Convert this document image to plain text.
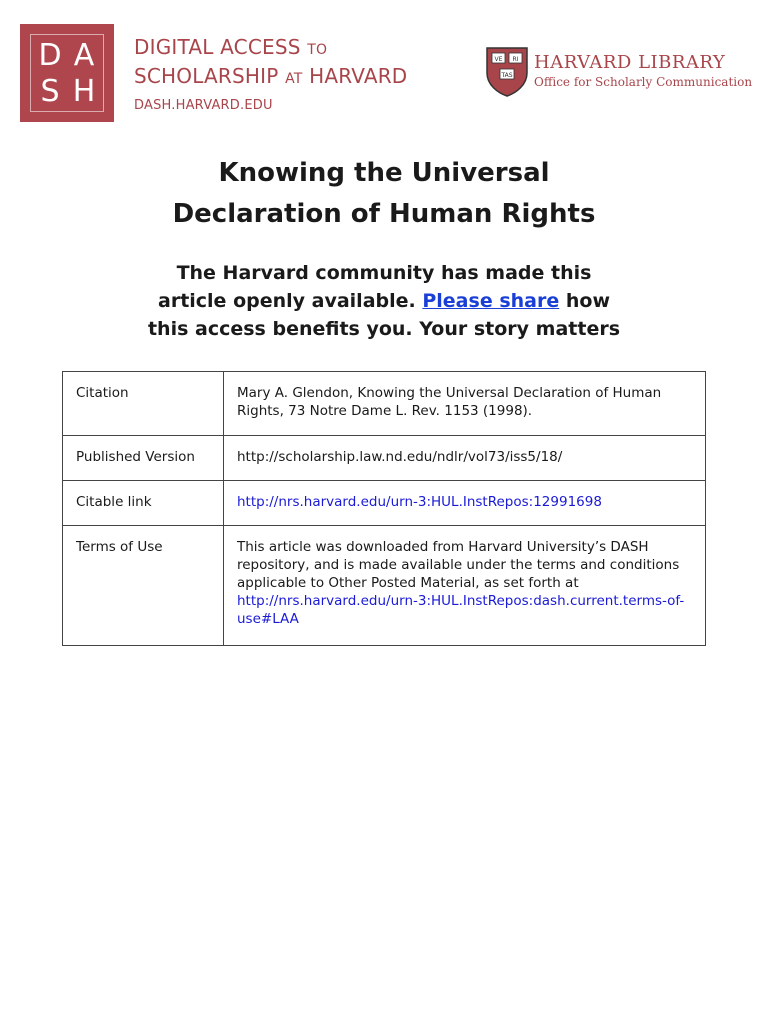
D A
S H
DIGITAL ACCESS TO
SCHOLARSHIP AT HARVARD
DASH.HARVARD.EDU
VE RI
TAS
HARVARD LIBRARY
Office for Scholarly Communication
Knowing the Universal
Declaration of Human Rights
The Harvard community has made this
article openly available. Please share how
this access benefits you. Your story matters
Citation	Mary A. Glendon, Knowing the Universal Declaration of Human Rights, 73 Notre Dame L. Rev. 1153 (1998).
Published Version	http://scholarship.law.nd.edu/ndlr/vol73/iss5/18/
Citable link	http://nrs.harvard.edu/urn-3:HUL.InstRepos:12991698
Terms of Use	This article was downloaded from Harvard University’s DASH repository, and is made available under the terms and conditions applicable to Other Posted Material, as set forth at http://nrs.harvard.edu/urn-3:HUL.InstRepos:dash.current.terms-of-use#LAA
